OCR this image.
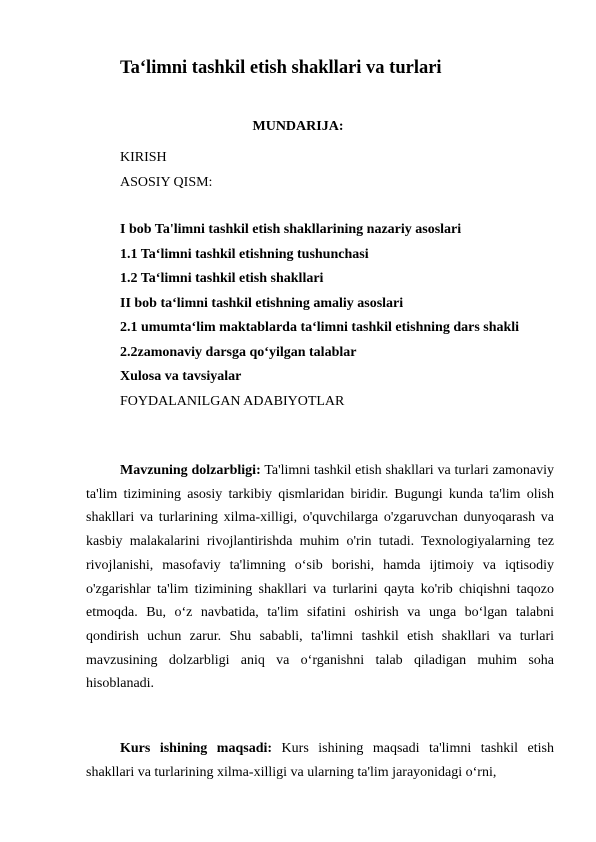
Ta‘limni tashkil etish shakllari va turlari
MUNDARIJA:
KIRISH
ASOSIY QISM:
I bob Ta'limni tashkil etish shakllarining nazariy asoslari
1.1 Ta‘limni tashkil etishning tushunchasi
1.2 Ta‘limni tashkil etish shakllari
II bob ta‘limni tashkil etishning amaliy asoslari
2.1 umumta‘lim maktablarda ta‘limni tashkil etishning dars shakli
2.2zamonaviy darsga qo‘yilgan talablar
Xulosa va tavsiyalar
FOYDALANILGAN ADABIYOTLAR

Mavzuning dolzarbligi: Ta'limni tashkil etish shakllari va turlari zamonaviy ta'lim tizimining asosiy tarkibiy qismlaridan biridir. Bugungi kunda ta'lim olish shakllari va turlarining xilma-xilligi, o'quvchilarga o'zgaruvchan dunyoqarash va kasbiy malakalarini rivojlantirishda muhim o'rin tutadi. Texnologiyalarning tez rivojlanishi, masofaviy ta'limning o‘sib borishi, hamda ijtimoiy va iqtisodiy o'zgarishlar ta'lim tizimining shakllari va turlarini qayta ko'rib chiqishni taqozo etmoqda. Bu, o‘z navbatida, ta'lim sifatini oshirish va unga bo‘lgan talabni qondirish uchun zarur. Shu sababli, ta'limni tashkil etish shakllari va turlari mavzusining dolzarbligi aniq va o‘rganishni talab qiladigan muhim soha hisoblanadi.

Kurs ishining maqsadi: Kurs ishining maqsadi ta'limni tashkil etish shakllari va turlarining xilma-xilligi va ularning ta'lim jarayonidagi o‘rni,
